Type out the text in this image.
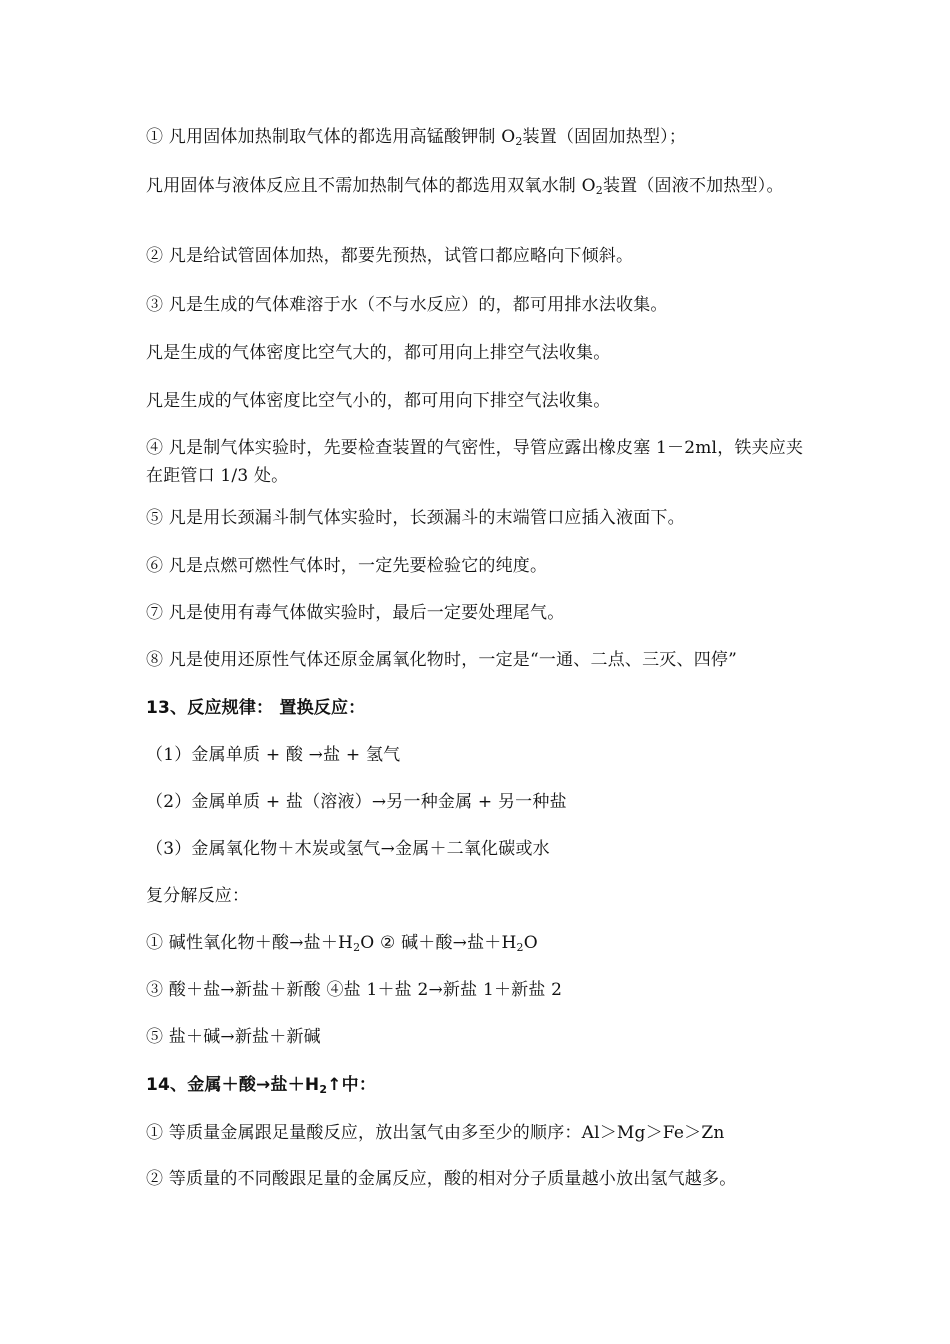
① 凡用固体加热制取气体的都选用高锰酸钾制 $O_2$装置（固固加热型）；
凡用固体与液体反应且不需加热制气体的都选用双氧水制 $O_2$装置（固液不加热型）。
② 凡是给试管固体加热，都要先预热，试管口都应略向下倾斜。
③ 凡是生成的气体难溶于水（不与水反应）的，都可用排水法收集。
凡是生成的气体密度比空气大的，都可用向上排空气法收集。
凡是生成的气体密度比空气小的，都可用向下排空气法收集。
④ 凡是制气体实验时，先要检查装置的气密性，导管应露出橡皮塞 1－2ml，铁夹应夹在距管口 1/3 处。
⑤ 凡是用长颈漏斗制气体实验时，长颈漏斗的末端管口应插入液面下。
⑥ 凡是点燃可燃性气体时，一定先要检验它的纯度。
⑦ 凡是使用有毒气体做实验时，最后一定要处理尾气。
⑧ 凡是使用还原性气体还原金属氧化物时，一定是“一通、二点、三灭、四停”
13、反应规律： 置换反应：
（1）金属单质 + 酸 →盐 + 氢气
（2）金属单质 + 盐（溶液）→另一种金属 + 另一种盐
（3）金属氧化物＋木炭或氢气→金属＋二氧化碳或水
复分解反应：
① 碱性氧化物＋酸→盐$+H_2O$ ② 碱＋酸→盐$+H_2O$
③ 酸＋盐→新盐＋新酸 ④盐 1＋盐 2→新盐 1＋新盐 2
⑤ 盐＋碱→新盐＋新碱
14、金属＋酸→盐$+H_2↑$中：
① 等质量金属跟足量酸反应，放出氢气由多至少的顺序：Al＞Mg＞Fe＞Zn
② 等质量的不同酸跟足量的金属反应，酸的相对分子质量越小放出氢气越多。
